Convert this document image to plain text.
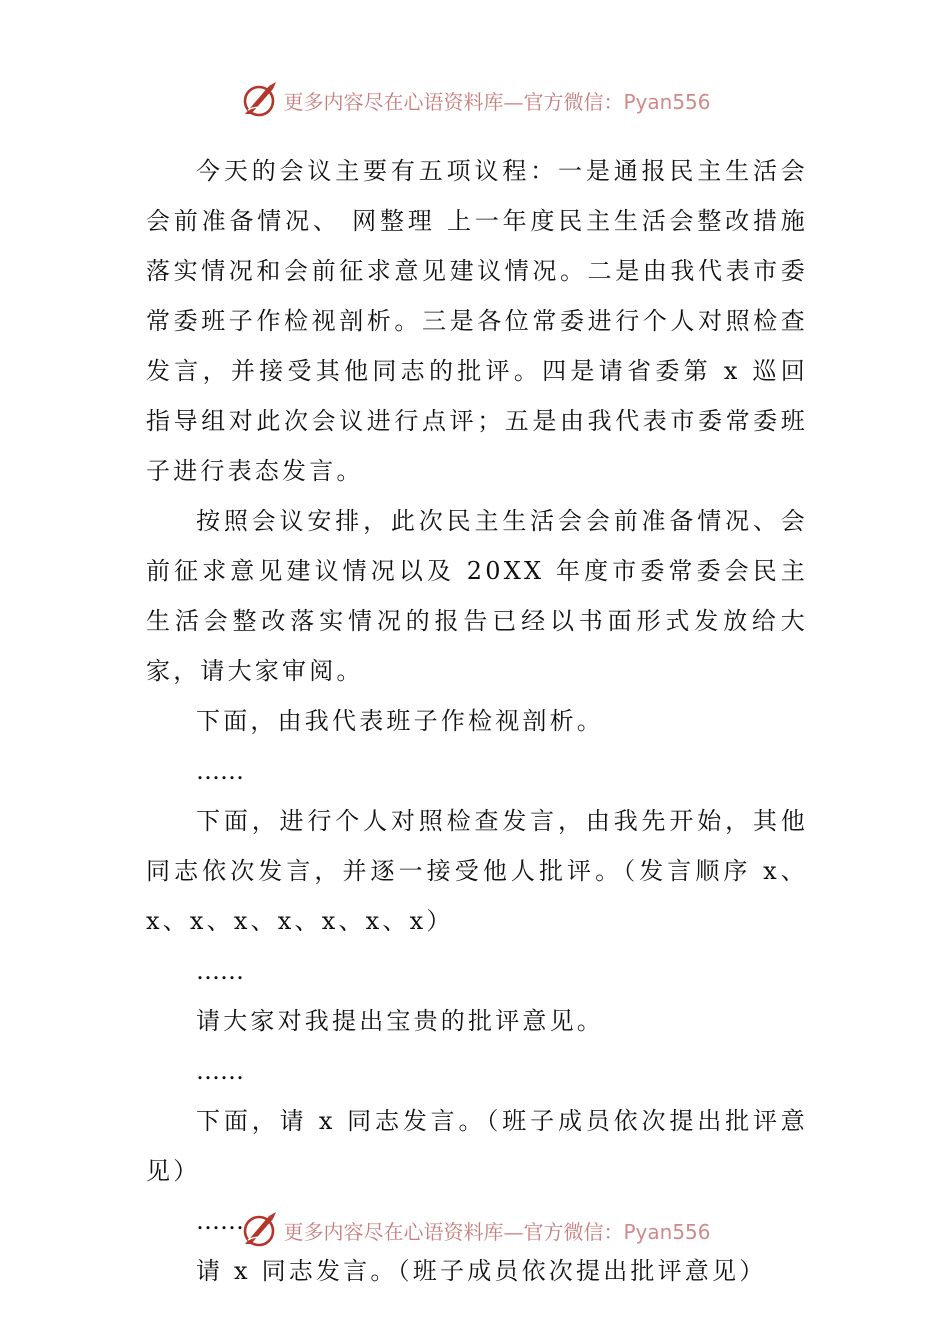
更多内容尽在心语资料库—官方微信：Pyan556

今天的会议主要有五项议程：一是通报民主生活会会前准备情况、 网整理 上一年度民主生活会整改措施落实情况和会前征求意见建议情况。二是由我代表市委常委班子作检视剖析。三是各位常委进行个人对照检查发言，并接受其他同志的批评。四是请省委第 x 巡回指导组对此次会议进行点评；五是由我代表市委常委班子进行表态发言。

按照会议安排，此次民主生活会会前准备情况、会前征求意见建议情况以及 20XX 年度市委常委会民主生活会整改落实情况的报告已经以书面形式发放给大家，请大家审阅。

下面，由我代表班子作检视剖析。

……

下面，进行个人对照检查发言，由我先开始，其他同志依次发言，并逐一接受他人批评。（发言顺序 x、x、x、x、x、x、x、x）

……

请大家对我提出宝贵的批评意见。

……

下面，请 x 同志发言。（班子成员依次提出批评意见）

……

请 x 同志发言。（班子成员依次提出批评意见）

更多内容尽在心语资料库—官方微信：Pyan556
